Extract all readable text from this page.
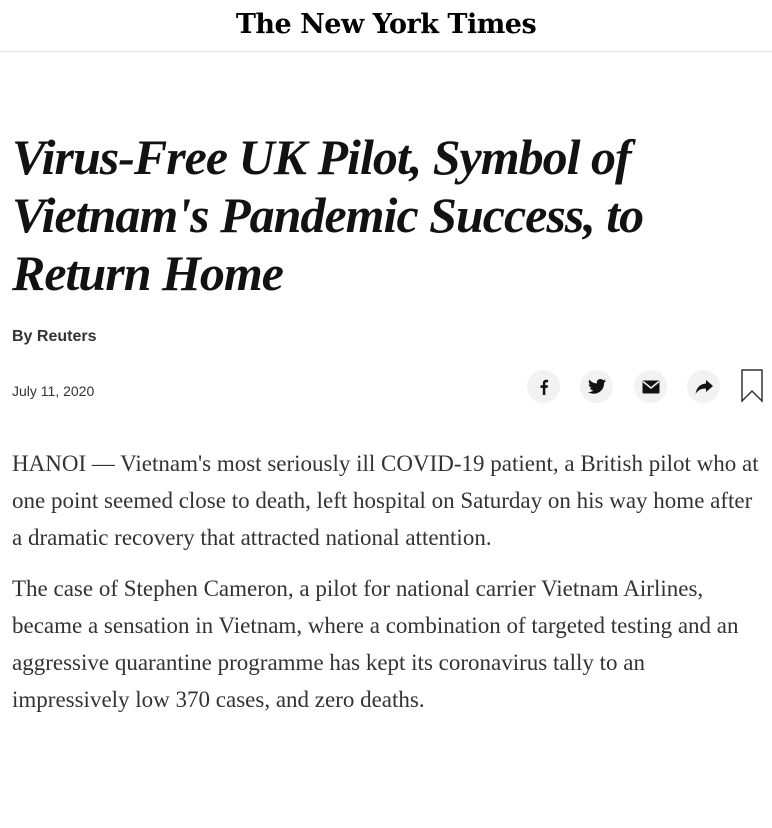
The New York Times
Virus-Free UK Pilot, Symbol of Vietnam's Pandemic Success, to Return Home
By Reuters
July 11, 2020

HANOI — Vietnam's most seriously ill COVID-19 patient, a British pilot who at one point seemed close to death, left hospital on Saturday on his way home after a dramatic recovery that attracted national attention.

The case of Stephen Cameron, a pilot for national carrier Vietnam Airlines, became a sensation in Vietnam, where a combination of targeted testing and an aggressive quarantine programme has kept its coronavirus tally to an impressively low 370 cases, and zero deaths.
